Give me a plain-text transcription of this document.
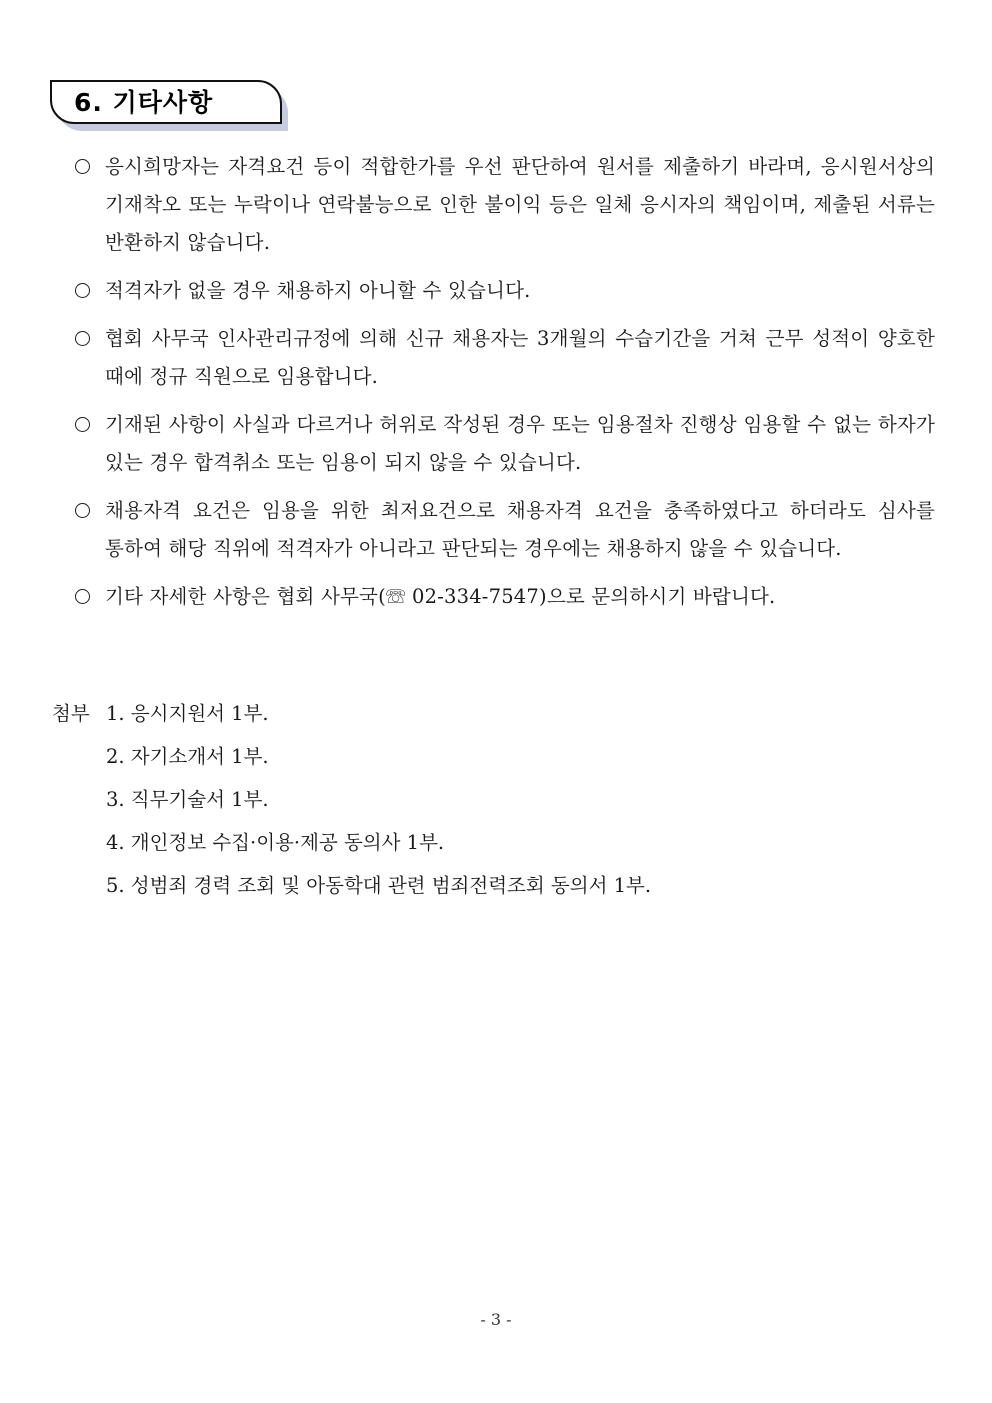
6. 기타사항
응시희망자는 자격요건 등이 적합한가를 우선 판단하여 원서를 제출하기 바라며, 응시원서상의 기재착오 또는 누락이나 연락불능으로 인한 불이익 등은 일체 응시자의 책임이며, 제출된 서류는 반환하지 않습니다.
적격자가 없을 경우 채용하지 아니할 수 있습니다.
협회 사무국 인사관리규정에 의해 신규 채용자는 3개월의 수습기간을 거쳐 근무 성적이 양호한 때에 정규 직원으로 임용합니다.
기재된 사항이 사실과 다르거나 허위로 작성된 경우 또는 임용절차 진행상 임용할 수 없는 하자가 있는 경우 합격취소 또는 임용이 되지 않을 수 있습니다.
채용자격 요건은 임용을 위한 최저요건으로 채용자격 요건을 충족하였다고 하더라도 심사를 통하여 해당 직위에 적격자가 아니라고 판단되는 경우에는 채용하지 않을 수 있습니다.
기타 자세한 사항은 협회 사무국(☏ 02-334-7547)으로 문의하시기 바랍니다.
첨부 1. 응시지원서 1부.
2. 자기소개서 1부.
3. 직무기술서 1부.
4. 개인정보 수집·이용·제공 동의사 1부.
5. 성범죄 경력 조회 및 아동학대 관련 범죄전력조회 동의서 1부.
- 3 -
